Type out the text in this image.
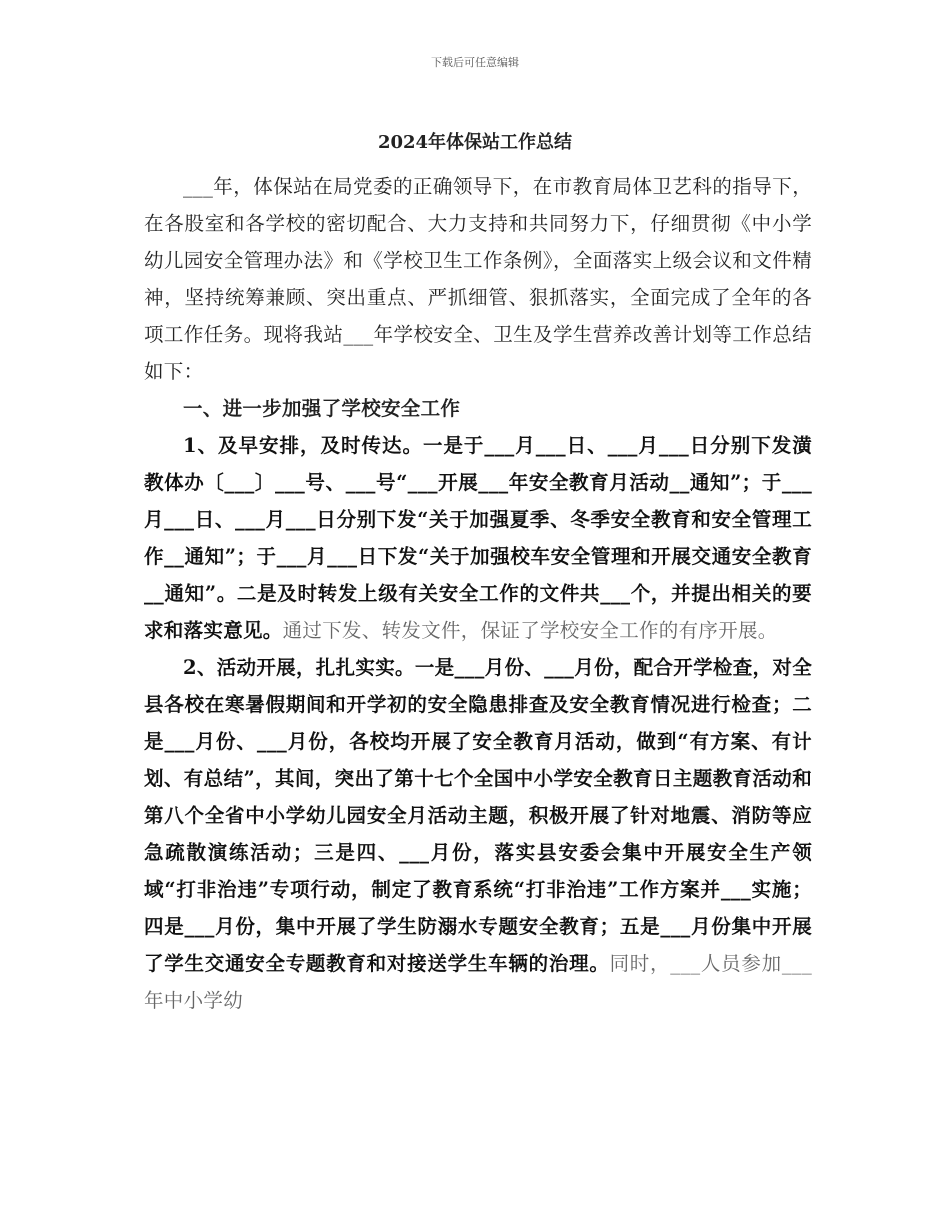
下载后可任意编辑
2024年体保站工作总结

___年，体保站在局党委的正确领导下，在市教育局体卫艺科的指导下，在各股室和各学校的密切配合、大力支持和共同努力下，仔细贯彻《中小学幼儿园安全管理办法》和《学校卫生工作条例》，全面落实上级会议和文件精神，坚持统筹兼顾、突出重点、严抓细管、狠抓落实，全面完成了全年的各项工作任务。现将我站___年学校安全、卫生及学生营养改善计划等工作总结如下：

一、进一步加强了学校安全工作

1、及早安排，及时传达。一是于___月___日、___月___日分别下发潢教体办〔___〕___号、___号“___开展___年安全教育月活动__通知”；于___月___日、___月___日分别下发“关于加强夏季、冬季安全教育和安全管理工作__通知”；于___月___日下发“关于加强校车安全管理和开展交通安全教育__通知”。二是及时转发上级有关安全工作的文件共___个，并提出相关的要求和落实意见。通过下发、转发文件，保证了学校安全工作的有序开展。

2、活动开展，扎扎实实。一是___月份、___月份，配合开学检查，对全县各校在寒暑假期间和开学初的安全隐患排查及安全教育情况进行检查；二是___月份、___月份，各校均开展了安全教育月活动，做到“有方案、有计划、有总结”，其间，突出了第十七个全国中小学安全教育日主题教育活动和第八个全省中小学幼儿园安全月活动主题，积极开展了针对地震、消防等应急疏散演练活动；三是四、___月份，落实县安委会集中开展安全生产领域“打非治违”专项行动，制定了教育系统“打非治违”工作方案并___实施；四是___月份，集中开展了学生防溺水专题安全教育；五是___月份集中开展了学生交通安全专题教育和对接送学生车辆的治理。同时，___人员参加___年中小学幼
